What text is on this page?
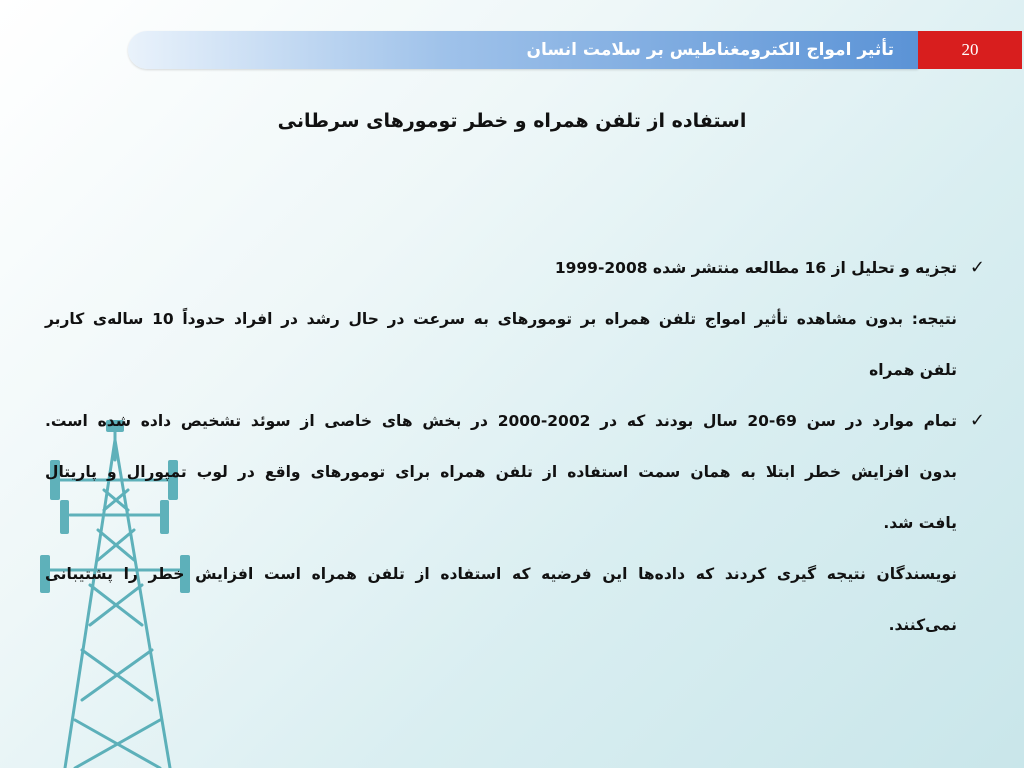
تأثیر امواج الکترومغناطیس بر سلامت انسان	20
استفاده از تلفن همراه و خطر تومورهای سرطانی
✓
تجزیه و تحلیل از 16 مطالعه منتشر شده 2008-1999
نتیجه: بدون مشاهده تأثیر امواج تلفن همراه بر تومورهای به سرعت در حال رشد در افراد حدوداً 10 ساله‌ی کاربر
تلفن همراه
✓
تمام موارد در سن 69-20 سال بودند که در 2002-2000 در بخش های خاصی از سوئد تشخیص داده شده است.
بدون افزایش خطر ابتلا به همان سمت استفاده از تلفن همراه برای تومورهای واقع در لوب تمپورال و پاریتال
یافت شد.
نویسندگان نتیجه گیری کردند که داده‌ها این فرضیه که استفاده از تلفن همراه است افزایش خطر را پشتیبانی
نمی‌کنند.
